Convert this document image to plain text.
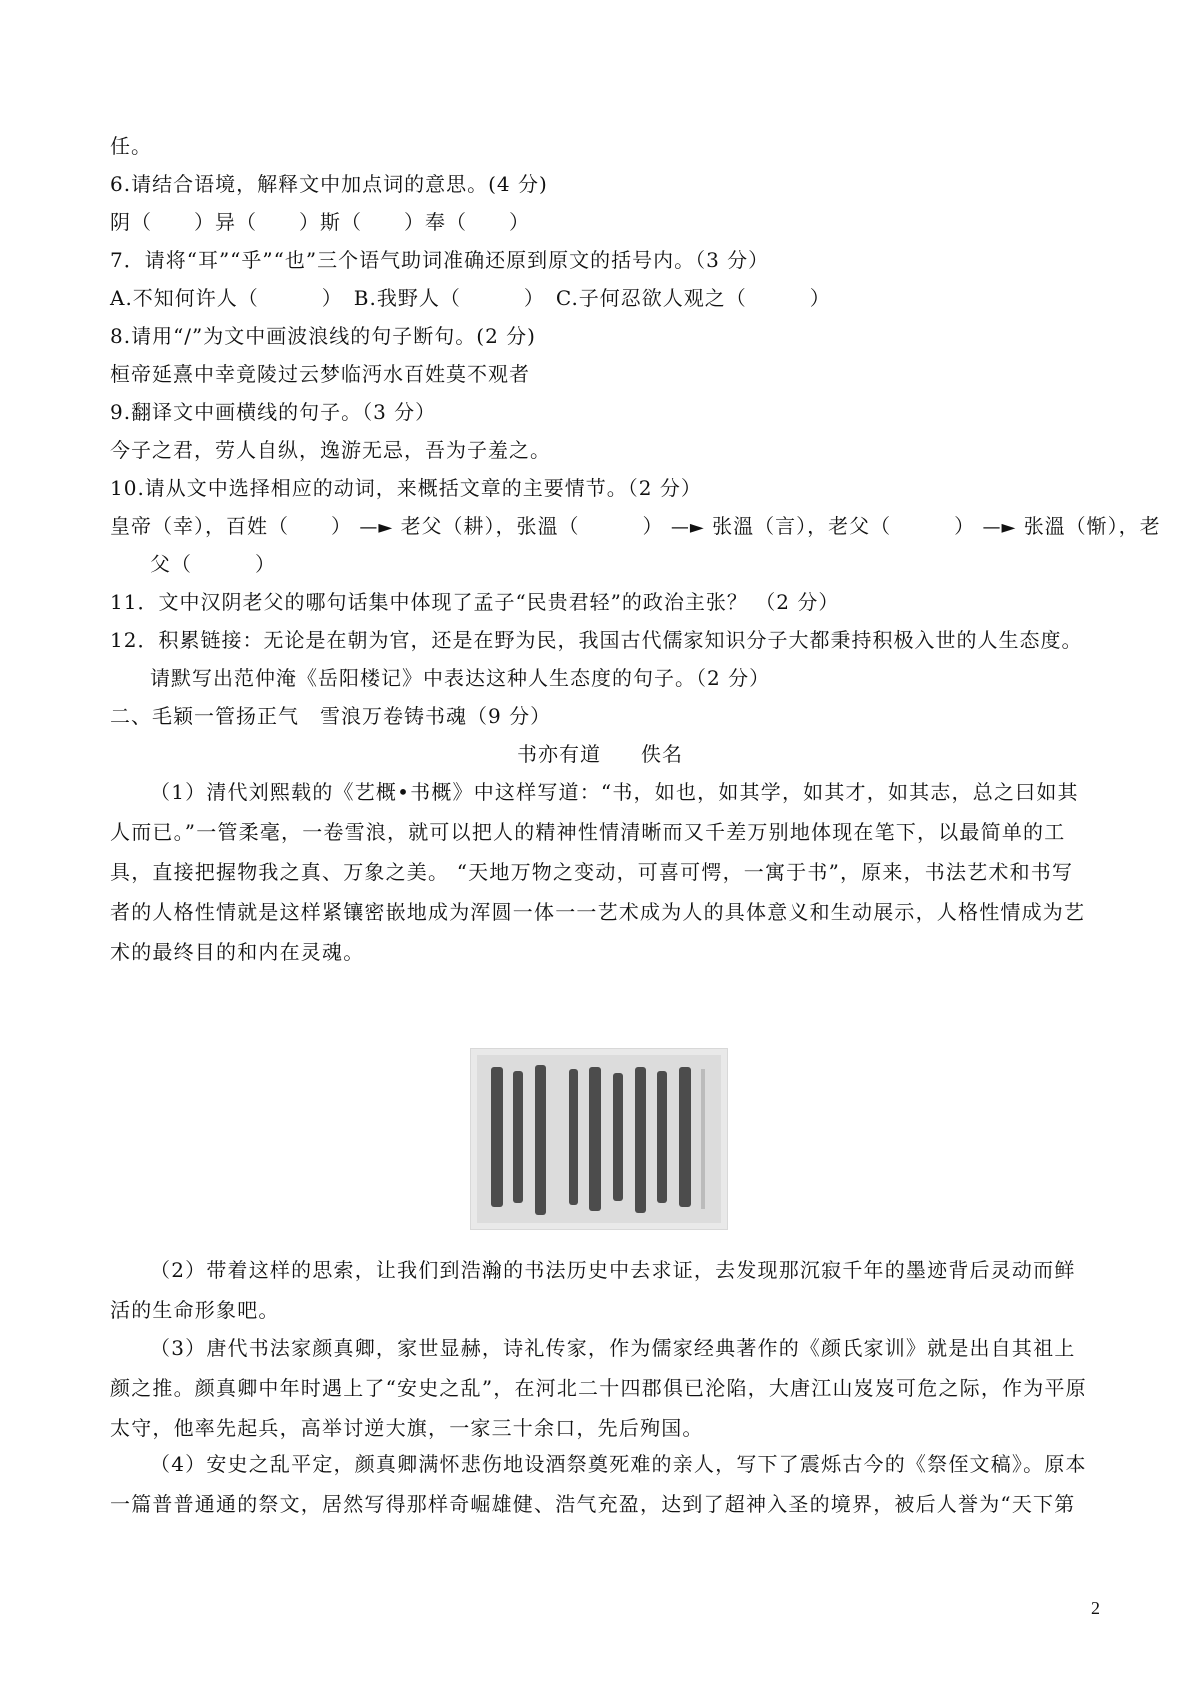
任。
6.请结合语境，解释文中加点词的意思。(4 分)
阴（　　）异（　　）斯（　　）奉（　　）
7．请将“耳”“乎”“也”三个语气助词准确还原到原文的括号内。（3 分）
A.不知何许人（　　　）　B.我野人（　　　）　C.子何忍欲人观之（　　　）
8.请用“/”为文中画波浪线的句子断句。(2 分)
桓帝延熹中幸竟陵过云梦临沔水百姓莫不观者
9.翻译文中画横线的句子。（3 分）
今子之君，劳人自纵，逸游无忌，吾为子羞之。
10.请从文中选择相应的动词，来概括文章的主要情节。（2 分）
皇帝（幸），百姓（　　） —► 老父（耕），张溫（　　　） —► 张溫（言），老父（　　　） —► 张溫（惭），老
父（　　　）
11．文中汉阴老父的哪句话集中体现了孟子“民贵君轻”的政治主张？ （2 分）
12．积累链接：无论是在朝为官，还是在野为民，我国古代儒家知识分子大都秉持积极入世的人生态度。
请默写出范仲淹《岳阳楼记》中表达这种人生态度的句子。（2 分）
二、毛颖一管扬正气　雪浪万卷铸书魂（9 分）
书亦有道 佚名
（1）清代刘熙载的《艺概•书概》中这样写道：“书，如也，如其学，如其才，如其志，总之曰如其人而已。”一管柔毫，一卷雪浪，就可以把人的精神性情清晰而又千差万别地体现在笔下，以最简单的工具，直接把握物我之真、万象之美。 “天地万物之变动，可喜可愕，一寓于书”，原来，书法艺术和书写者的人格性情就是这样紧镶密嵌地成为浑圆一体一一艺术成为人的具体意义和生动展示，人格性情成为艺术的最终目的和内在灵魂。
（2）带着这样的思索，让我们到浩瀚的书法历史中去求证，去发现那沉寂千年的墨迹背后灵动而鲜活的生命形象吧。
（3）唐代书法家颜真卿，家世显赫，诗礼传家，作为儒家经典著作的《颜氏家训》就是出自其祖上颜之推。颜真卿中年时遇上了“安史之乱”，在河北二十四郡俱已沦陷，大唐江山岌岌可危之际，作为平原太守，他率先起兵，高举讨逆大旗，一家三十余口，先后殉国。
（4）安史之乱平定，颜真卿满怀悲伤地设酒祭奠死难的亲人，写下了震烁古今的《祭侄文稿》。原本一篇普普通通的祭文，居然写得那样奇崛雄健、浩气充盈，达到了超神入圣的境界，被后人誉为“天下第
2
